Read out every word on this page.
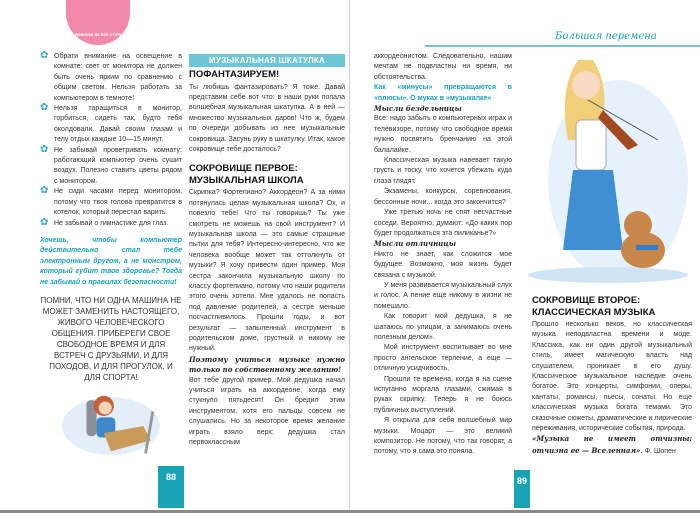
Девочка на все сто%

✿ Обрати внимание на освещение в комнате: свет от монитора не должен быть очень ярким по сравнению с общим светом. Нельзя работать за компьютером в темноте!

✿ Нельзя таращиться в монитор, горбиться, сидеть так, будто тебя околдовали. Давай своим глазам и телу отдых каждые 10—15 минут.

✿ Не забывай проветривать комнату: работающий компьютер очень сушит воздух. Полезно ставить цветы рядом с монитором.

✿ Не сиди часами перед монитором, потому что твоя голова превратится в котелок, который перестал варить.

✿ Не забывай о гимнастике для глаз.

Хочешь, чтобы компьютер действительно стал тебе электронным другом, а не монстром, который губит твое здоровье? Тогда не забывай о правилах безопасности!

ПОМНИ, ЧТО НИ ОДНА МАШИНА НЕ МОЖЕТ ЗАМЕНИТЬ НАСТОЯЩЕГО, ЖИВОГО ЧЕЛОВЕЧЕСКОГО ОБЩЕНИЯ. ПРИБЕРЕГИ СВОЕ СВОБОДНОЕ ВРЕМЯ И ДЛЯ ВСТРЕЧ С ДРУЗЬЯМИ, И ДЛЯ ПОХОДОВ, И ДЛЯ ПРОГУЛОК, И ДЛЯ СПОРТА!

88
МУЗЫКАЛЬНАЯ ШКАТУЛКА
ПОФАНТАЗИРУЕМ!

Ты любишь фантазировать? Я тоже. Давай представим себе вот что: в наши руки попала волшебная музыкальная шкатулка. А в ней — множество музыкальных даров! Что ж, будем по очереди добывать из нее музыкальные сокровища. Засунь руку в шкатулку. Итак, какое сокровище тебе досталось?

СОКРОВИЩЕ ПЕРВОЕ: МУЗЫКАЛЬНАЯ ШКОЛА

Скрипка? Фортепиано? Аккордеон? А за ними потянулась целая музыкальная школа? Ох, и повезло тебе! Что ты говоришь? Ты уже смотреть не можешь на свой инструмент? И музыкальная школа — это самые страшные пытки для тебя? Интересно-интересно, что же человека вообще может так оттолкнуть от музыки? Я хочу привести один пример. Моя сестра закончила музыкальную школу по классу фортепиано, потому что наши родители этого очень хотели. Мне удалось не попасть под давление родителей, а сестре меньше посчастливилось. Прошли годы, и вот результат — запыленный инструмент в родительском доме, грустный и никому не нужный.

Поэтому учиться музыке нужно только по собственному желанию!

Вот тебе другой пример. Мой дедушка начал учиться играть на аккордеоне, когда ему стукнуло пятьдесят! Он бредил этим инструментом, хотя его пальцы совсем не слушались. Но за некоторое время желание играть взяло верх: дедушка стал первоклассным

Большая перемена

аккордеонистом. Следовательно, нашим мечтам не подвластны ни время, ни обстоятельства.

Как «минусы» превращаются в «плюсы». О муках в «музыкалке»

Мысли бездельницы

Все: надо забыть о компьютерных играх и телевизоре, потому что свободное время нужно посвятить бренчанию на этой балалайке.

Классическая музыка навевает такую грусть и тоску, что хочется убежать куда глаза глядят.

Экзамены, конкурсы, соревнования, бессонные ночи... когда это закончится?

Уже третью ночь не спят несчастные соседи. Вероятно, думают: «До каких пор будет продолжаться эта пиликанье?»

Мысли отличницы

Никто не знает, как сложится мое будущее. Возможно, моя жизнь будет связана с музыкой.

У меня развивается музыкальный слух и голос. А пение еще никому в жизни не помешало.

Как говорит мой дедушка, я не шатаюсь по улицам, а занимаюсь очень полезным делом».

Мой инструмент воспитывает во мне просто ангельское терпение, а еще — отличную усидчивость.

Прошли те времена, когда я на сцене испуганно моргала глазами, сжимая в руках скрипку. Теперь я не боюсь публичных выступлений.

Я открыла для себя волшебный мир музыки. Моцарт — это великий композитор. Не потому, что так говорят, а потому, что я сама это поняла.

СОКРОВИЩЕ ВТОРОЕ: КЛАССИЧЕСКАЯ МУЗЫКА

Прошло несколько веков, но классическая музыка неподвластна времени и моде. Классика, как ни один другой музыкальный стиль, имеет магическую власть над слушателем, проникает в его душу. Классическое музыкальное наследие очень богатое. Это концерты, симфонии, оперы, кантаты, романсы, пьесы, сонаты. Но еще классическая музыка богата темами. Это сказочные сюжеты, драматические и лирические переживания, исторические события, природа.

«Музыка не имеет отчизны; отчизна ее — Вселенная». Ф. Шопен

89
